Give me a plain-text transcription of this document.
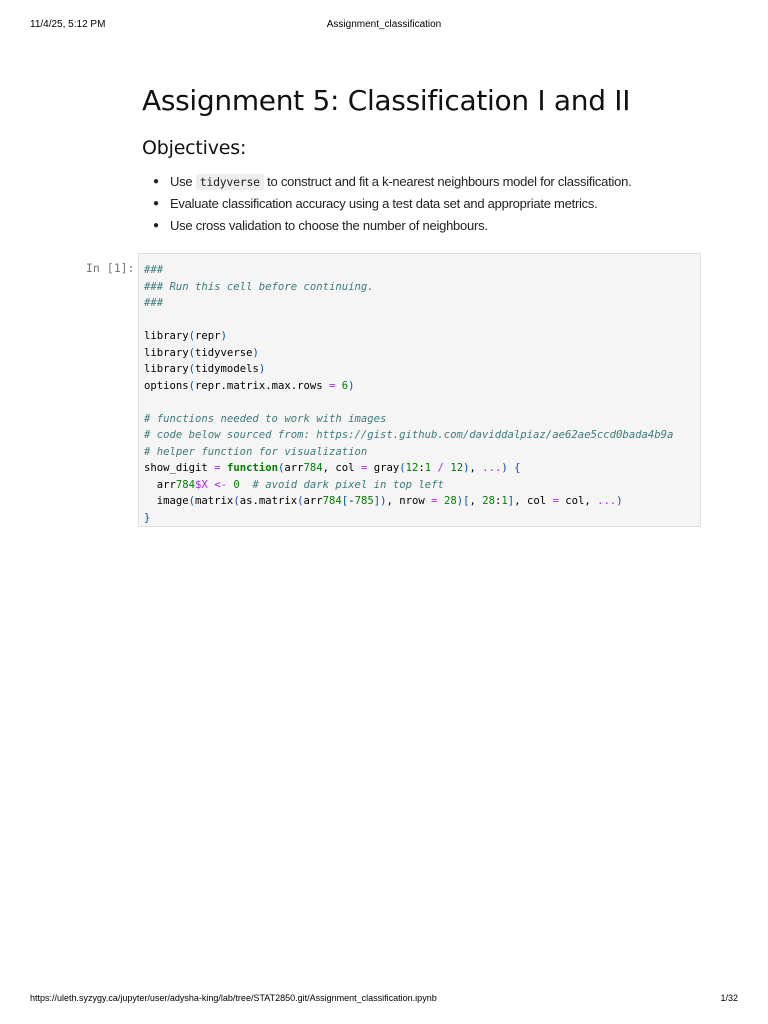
11/4/25, 5:12 PM	Assignment_classification
Assignment 5: Classification I and II
Objectives:
● Use tidyverse to construct and fit a k-nearest neighbours model for classification.
● Evaluate classification accuracy using a test data set and appropriate metrics.
● Use cross validation to choose the number of neighbours.
In [1]: ###
### Run this cell before continuing.
###

library(repr)
library(tidyverse)
library(tidymodels)
options(repr.matrix.max.rows = 6)

# functions needed to work with images
# code below sourced from: https://gist.github.com/daviddalpiaz/ae62ae5ccd0bada4b9a
# helper function for visualization
show_digit = function(arr784, col = gray(12:1 / 12), ...) {
arr784$X <- 0 # avoid dark pixel in top left
image(matrix(as.matrix(arr784[-785]), nrow = 28)[, 28:1], col = col, ...)
}
https://uleth.syzygy.ca/jupyter/user/adysha-king/lab/tree/STAT2850.git/Assignment_classification.ipynb	1/32
